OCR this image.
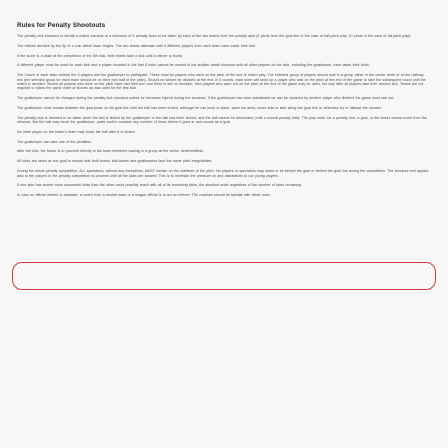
Rules for Penalty Shootouts

The penalty kick shootout to decide a match consists of a minimum of 5 penalty kicks to be taken by each of the two teams from the penalty spot (9 yards from the goal line in the case of half-pitch play, 10 yards in the case of full-pitch play).

The referee decides by the tip of a coin which team begins. The two teams alternate until 5 different players from each team have made their kick.

If the score is a draw at the completion of the 5th kick, both teams take a kick until a winner is found.

A different player must be used for each kick and a player involved in the first 5 kicks cannot be reused in the sudden death shootout until all other players on the side, including the goalkeeper, have taken their kicks.

The Coach of each team selects the 5 players and the goalkeeper to participate. These must be players who were on the pitch at the end of match play. The selected group of players should wait in a group either in the center circle or at the halfway line (the selected group for each team should be on their own half of the pitch). Should no winner be decided at the end of 5 rounds, each team will send up a player who was on the pitch at the end of the game to take the subsequent round until the match is decided. Should all players who were on the pitch have had their turn and there is still no decision, then players who were not on the pitch at the end of the game may be used, but only after all players take their second kick. Teams are not required to follow the same order of kickers as was used for the first kick.

The goalkeeper cannot be changed during the penalty kick shootout unless he becomes injured during the shootout. If the goalkeeper has been substituted he can be replaced by another player who finished the game must sub out.

The goalkeeper must remain between the goal-posts on his goal-line until the ball has been kicked, although he can jump in place, wave his arms, move side to side along the goal line or otherwise try to distract the shooter.

The penalty kick is deemed to be taken when the ball is kicked by the goalkeeper or the ball has been kicked, and the ball cannot be rebounded (until a normal penalty kick). The play ends: for a penalty kick, a goal, or the kicker cannot score from the rebound. But the ball may touch the goalkeeper, posts and/or crossbar any number of times before it goes in and counts as a goal.

No other player on the kicker's team may touch the ball after it is kicked.

The goalkeeper can take one of the penalties.

After the kick, the kicker is to proceed directly to his team members waiting in a group at the center circle/midfield.

All kicks are taken at one goal to ensure that both teams' kick-takers and goalkeepers face the same pitch irregularities.

During the whole penalty competition, ALL spectators, without any exceptions, MUST remain on the sidelines of the pitch. No players or spectators may stand or sit behind the goal or behind the goal line during the competition. The shootout end applies also to the players in the penalty competition to proceed until all the kicks are cleared. This is to minimize the pressure on and distractions to our young players.

If one side has scored more successful kicks than the other could possibly reach with all of its remaining kicks, the shootout ends regardless of the number of kicks remaining.

In case no official referee is available, a coach from a neutral team or a league official is to act as referee. The coaches should be familiar with these rules.
